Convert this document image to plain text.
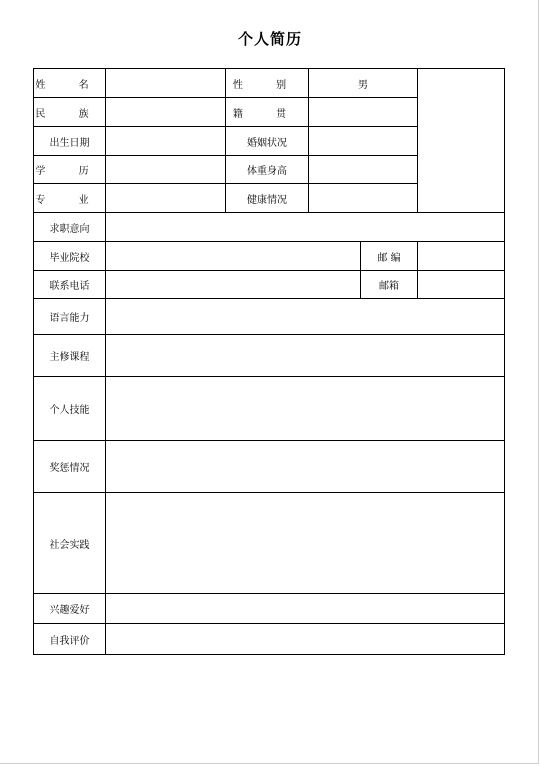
个人简历
姓 名		性 别	男		
民 族		籍 贯			
出生日期		婚姻状况			
学 历		体重身高			
专 业		健康情况			
求职意向					
毕业院校				邮 编	
联系电话				邮箱	
语言能力					
主修课程					
个人技能					
奖惩情况					
社会实践					
兴趣爱好					
自我评价					
